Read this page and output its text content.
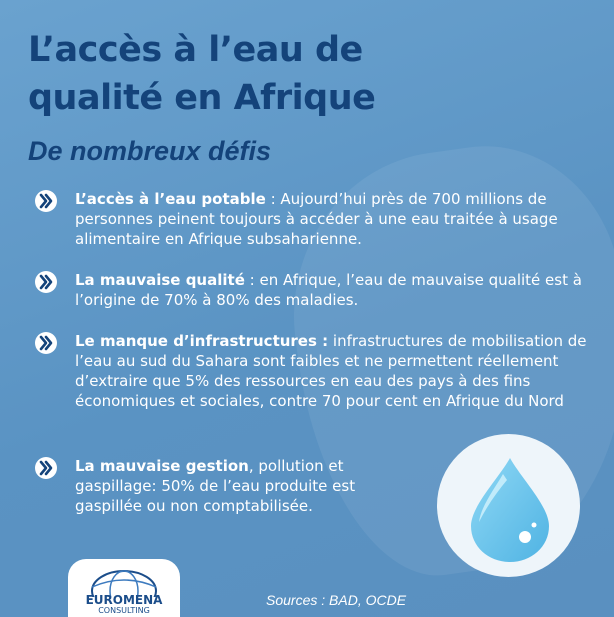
L’accès à l’eau de
qualité en Afrique
De nombreux défis

L’accès à l’eau potable : Aujourd’hui près de 700 millions de personnes peinent toujours à accéder à une eau traitée à usage alimentaire en Afrique subsaharienne.

La mauvaise qualité : en Afrique, l’eau de mauvaise qualité est à l’origine de 70% à 80% des maladies.

Le manque d’infrastructures : infrastructures de mobilisation de l’eau au sud du Sahara sont faibles et ne permettent réellement d’extraire que 5% des ressources en eau des pays à des fins économiques et sociales, contre 70 pour cent en Afrique du Nord

La mauvaise gestion, pollution et gaspillage: 50% de l’eau produite est gaspillée ou non comptabilisée.

EUROMENA
CONSULTING
Sources : BAD, OCDE
